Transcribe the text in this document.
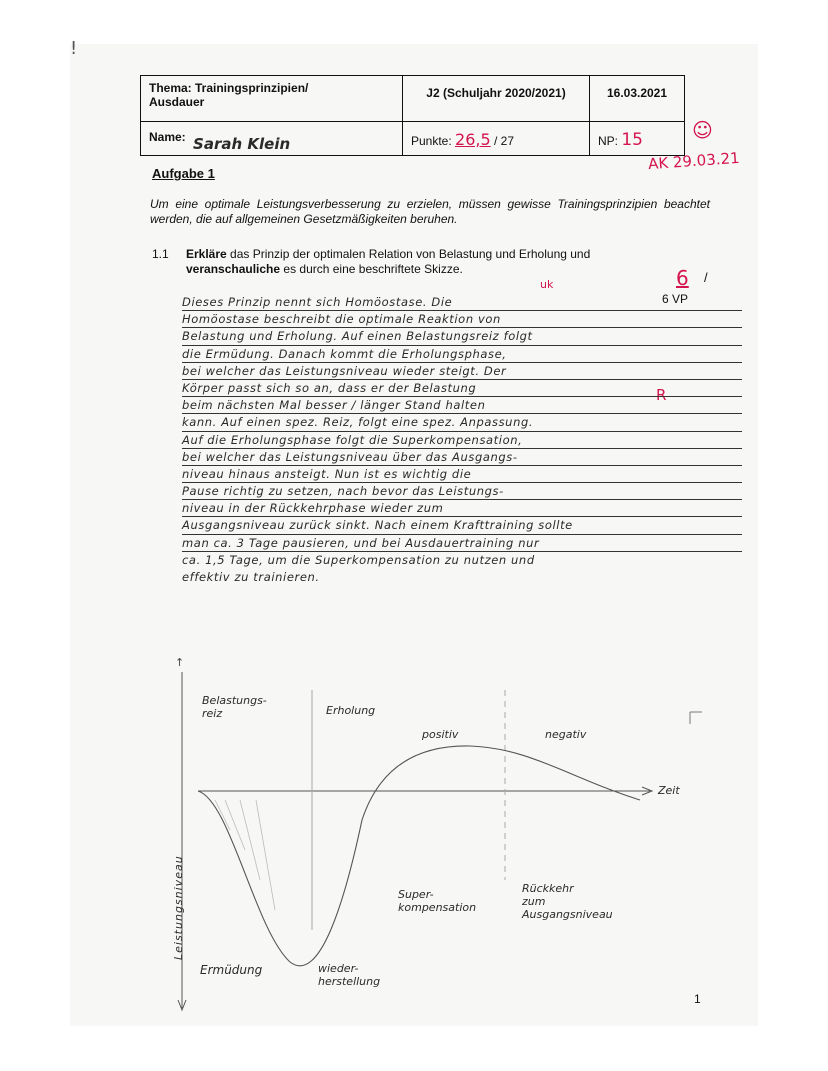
!
Thema: Trainingsprinzipien/
Ausdauer	J2 (Schuljahr 2020/2021)	16.03.2021
Name: Sarah Klein	Punkte: 26,5 / 27	NP: 15 ☺
AK 29.03.21
Aufgabe 1
Um eine optimale Leistungsverbesserung zu erzielen, müssen gewisse Trainingsprinzipien beachtet werden, die auf allgemeinen Gesetzmäßigkeiten beruhen.
1.1 Erkläre das Prinzip der optimalen Relation von Belastung und Erholung und veranschauliche es durch eine beschriftete Skizze.
uk	6 /
6 VP
R
Dieses Prinzip nennt sich Homöostase. Die
Homöostase beschreibt die optimale Reaktion von
Belastung und Erholung. Auf einen Belastungsreiz folgt
die Ermüdung. Danach kommt die Erholungsphase,
bei welcher das Leistungsniveau wieder steigt. Der
Körper passt sich so an, dass er der Belastung
beim nächsten Mal besser / länger Stand halten
kann. Auf einen spez. Reiz, folgt eine spez. Anpassung.
Auf die Erholungsphase folgt die Superkompensation,
bei welcher das Leistungsniveau über das Ausgangs-
niveau hinaus ansteigt. Nun ist es wichtig die
Pause richtig zu setzen, nach bevor das Leistungs-
niveau in der Rückkehrphase wieder zum
Ausgangsniveau zurück sinkt. Nach einem Krafttraining sollte
man ca. 3 Tage pausieren, und bei Ausdauertraining nur
ca. 1,5 Tage, um die Superkompensation zu nutzen und
effektiv zu trainieren.
↑
Leistungsniveau
Zeit
Belastungs-
reiz	Erholung
positiv	negativ
Ermüdung	wieder-
herstellung
Super-
kompensation
Rückkehr
zum
Ausgangsniveau
1
